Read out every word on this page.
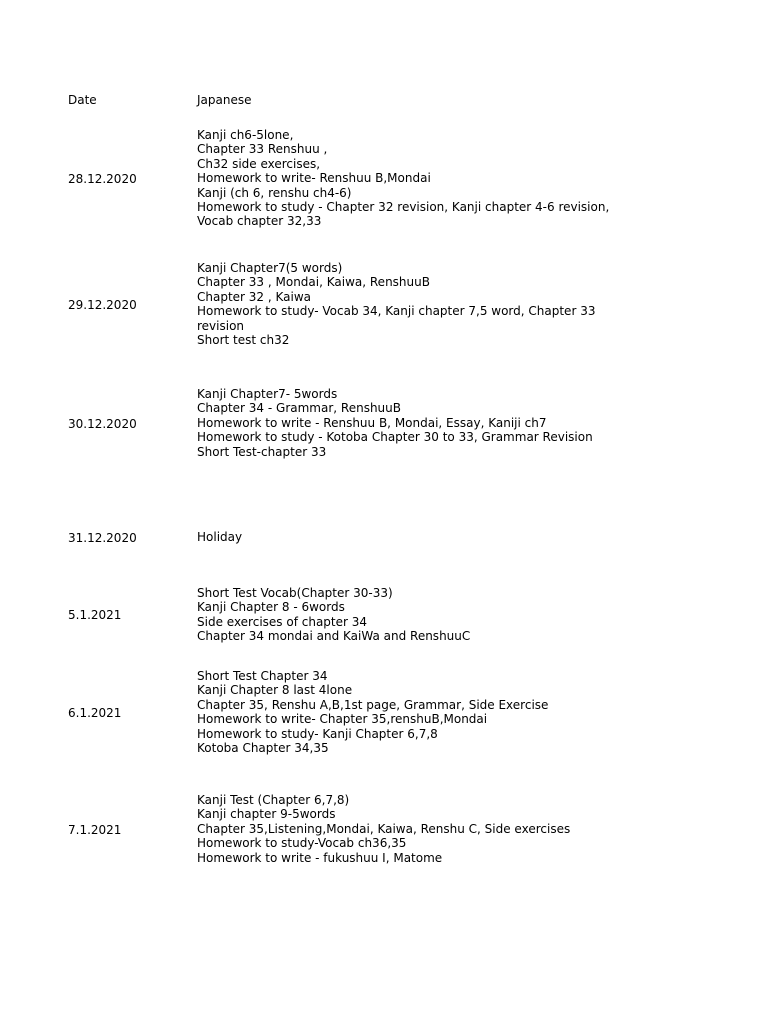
Date	Japanese
28.12.2020
Kanji ch6-5lone,
Chapter 33 Renshuu ,
Ch32 side exercises,
Homework to write- Renshuu B,Mondai
Kanji (ch 6, renshu ch4-6)
Homework to study - Chapter 32 revision, Kanji chapter 4-6 revision,
Vocab chapter 32,33
29.12.2020
Kanji Chapter7(5 words)
Chapter 33 , Mondai, Kaiwa, RenshuuB
Chapter 32 , Kaiwa
Homework to study- Vocab 34, Kanji chapter 7,5 word, Chapter 33
revision
Short test ch32
30.12.2020
Kanji Chapter7- 5words
Chapter 34 - Grammar, RenshuuB
Homework to write - Renshuu B, Mondai, Essay, Kaniji ch7
Homework to study - Kotoba Chapter 30 to 33, Grammar Revision
Short Test-chapter 33
31.12.2020	Holiday
5.1.2021
Short Test Vocab(Chapter 30-33)
Kanji Chapter 8 - 6words
Side exercises of chapter 34
Chapter 34 mondai and KaiWa and RenshuuC
6.1.2021
Short Test Chapter 34
Kanji Chapter 8 last 4lone
Chapter 35, Renshu A,B,1st page, Grammar, Side Exercise
Homework to write- Chapter 35,renshuB,Mondai
Homework to study- Kanji Chapter 6,7,8
Kotoba Chapter 34,35
7.1.2021
Kanji Test (Chapter 6,7,8)
Kanji chapter 9-5words
Chapter 35,Listening,Mondai, Kaiwa, Renshu C, Side exercises
Homework to study-Vocab ch36,35
Homework to write - fukushuu I, Matome
